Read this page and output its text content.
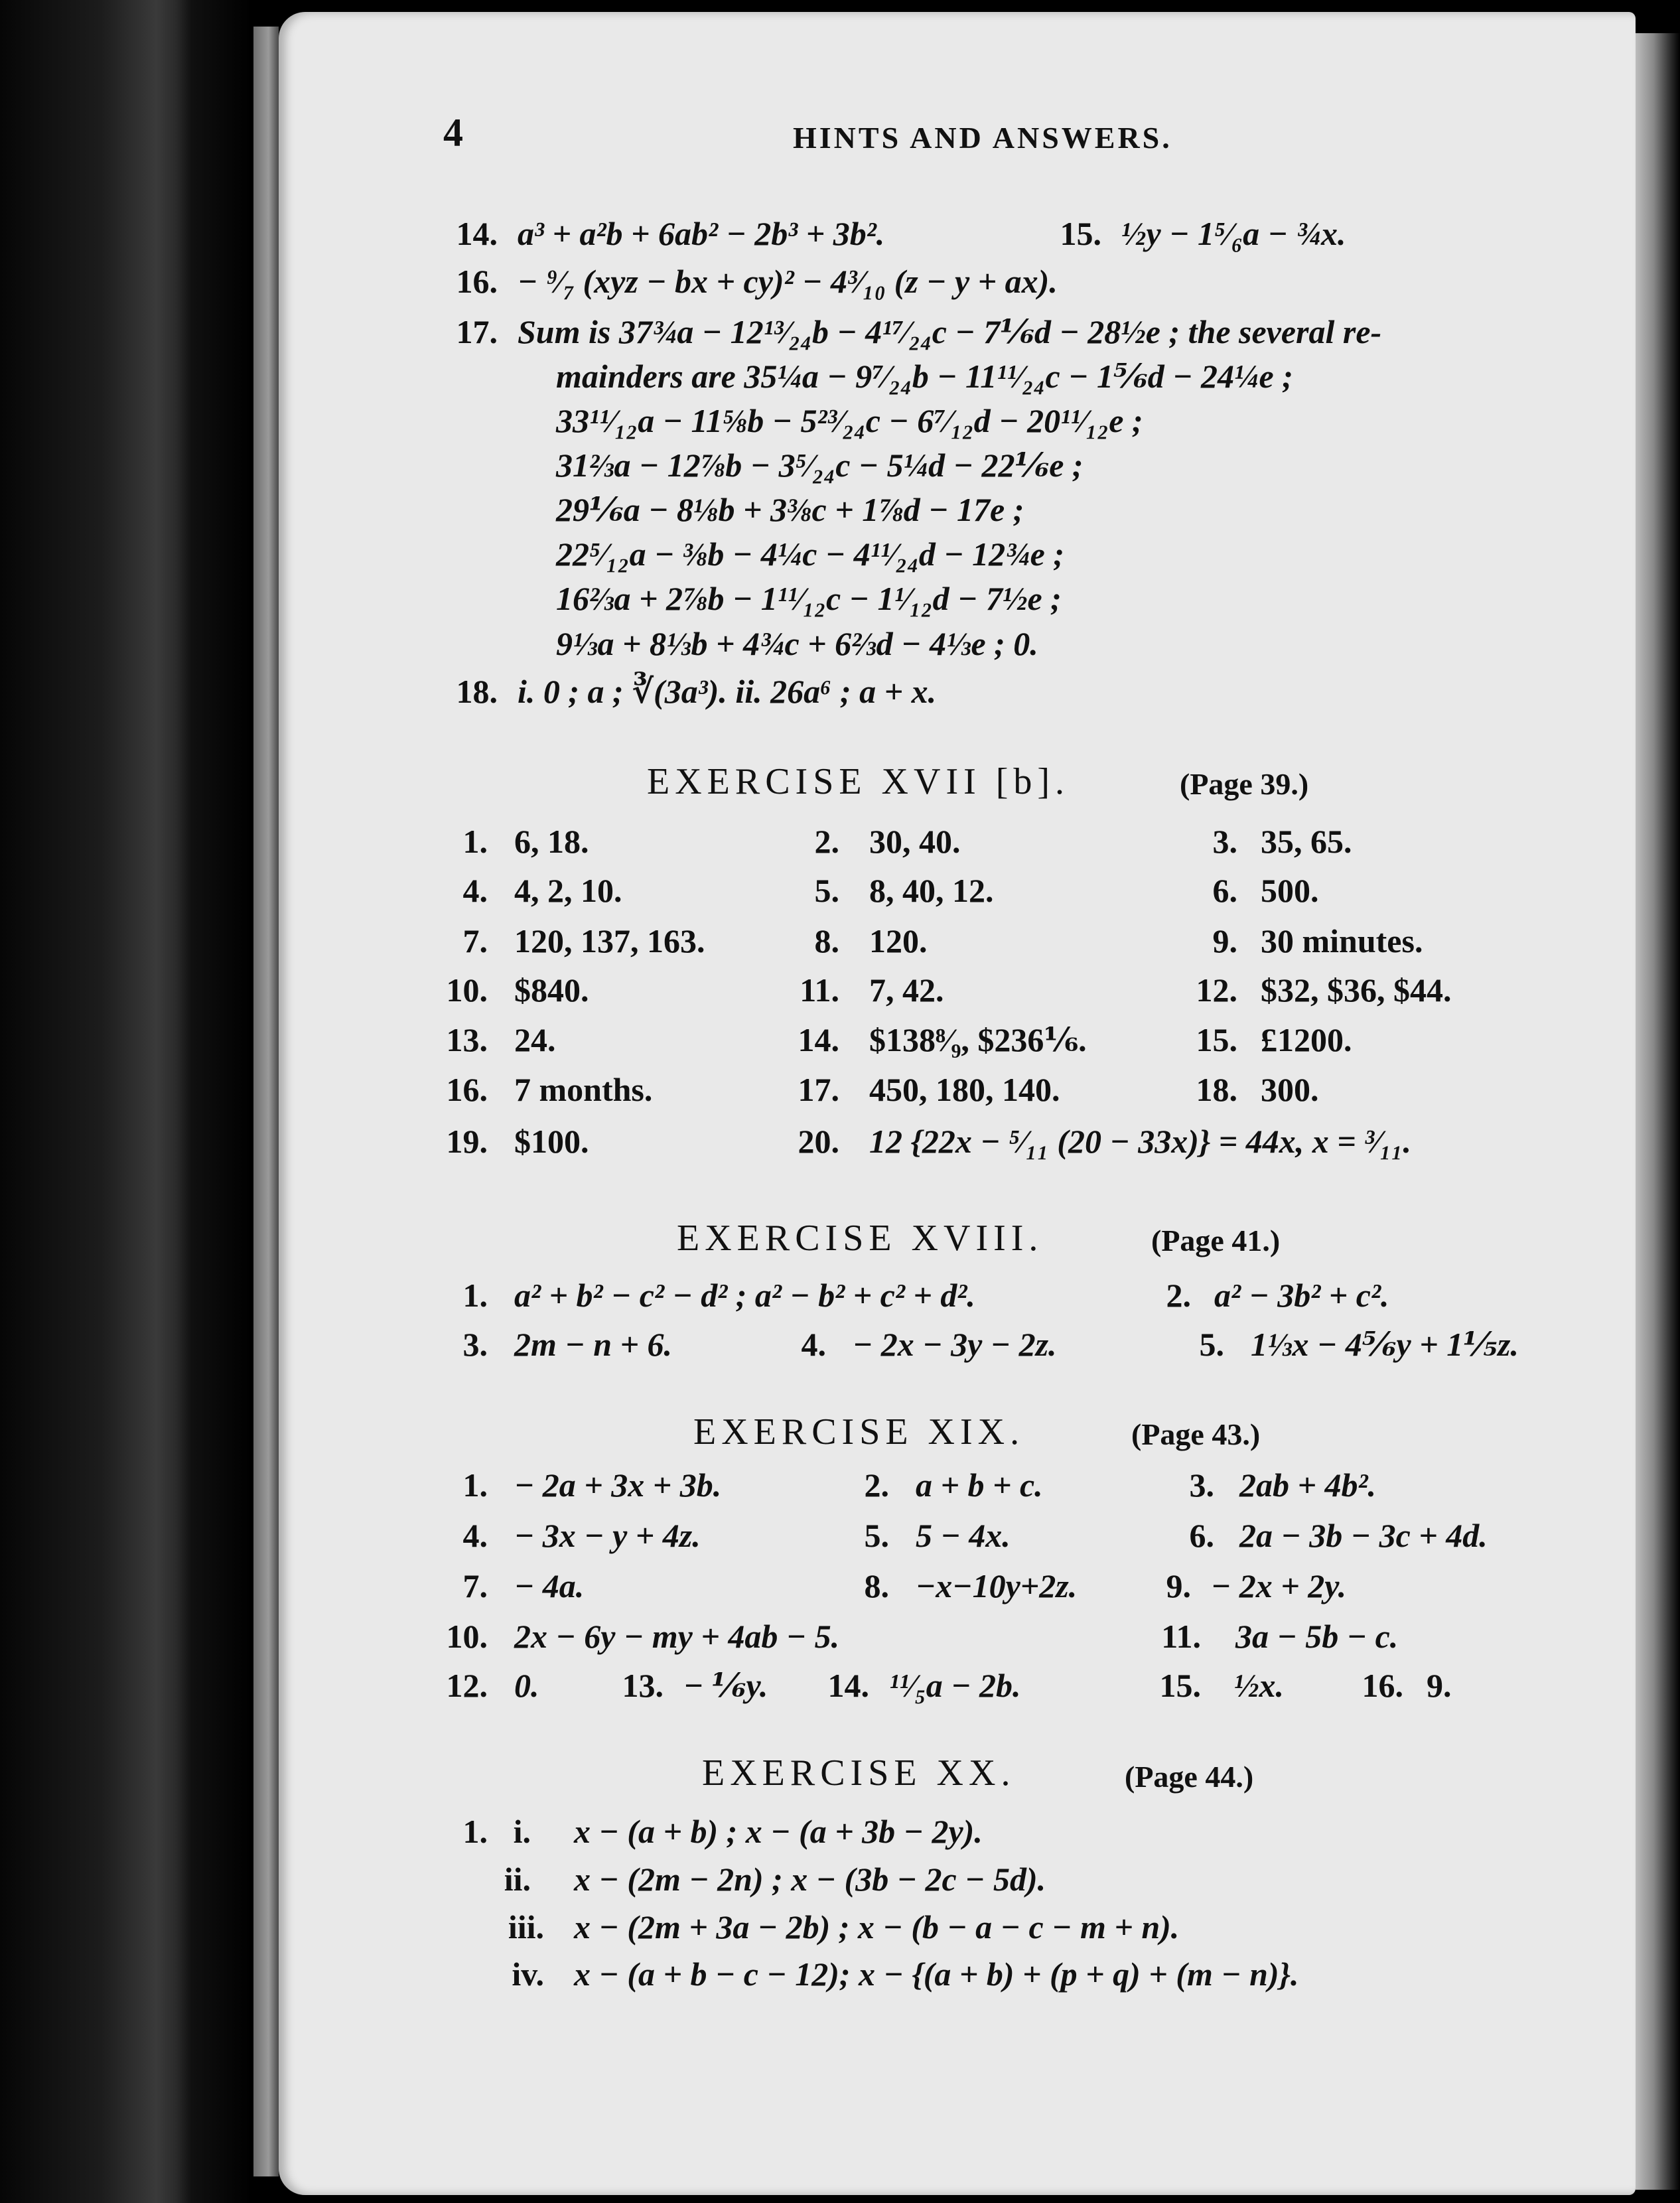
4	HINTS AND ANSWERS.
14. a³ + a²b + 6ab² − 2b³ + 3b².	15. ½y − 1⁵⁄₆a − ¾x.
16. − ⁹⁄₇ (xyz − bx + cy)² − 4³⁄₁₀ (z − y + ax).
17. Sum is 37¾a − 12¹³⁄₂₄b − 4¹⁷⁄₂₄c − 7⅙d − 28½e ; the several re-
mainders are 35¼a − 9⁷⁄₂₄b − 11¹¹⁄₂₄c − 1⅚d − 24¼e ;
33¹¹⁄₁₂a − 11⅝b − 5²³⁄₂₄c − 6⁷⁄₁₂d − 20¹¹⁄₁₂e ;
31⅔a − 12⅞b − 3⁵⁄₂₄c − 5¼d − 22⅙e ;
29⅙a − 8⅛b + 3⅜c + 1⅞d − 17e ;
22⁵⁄₁₂a − ⅜b − 4¼c − 4¹¹⁄₂₄d − 12¾e ;
16⅔a + 2⅞b − 1¹¹⁄₁₂c − 1¹⁄₁₂d − 7½e ;
9⅓a + 8⅓b + 4¾c + 6⅔d − 4⅓e ; 0.
18. i. 0 ; a ; ∛(3a³). ii. 26a⁶ ; a + x.
EXERCISE XVII [b].	(Page 39.)
1. 6, 18.	2. 30, 40.	3. 35, 65.
4. 4, 2, 10.	5. 8, 40, 12.	6. 500.
7. 120, 137, 163.	8. 120.	9. 30 minutes.
10. $840.	11. 7, 42.	12. $32, $36, $44.
13. 24.	14. $138⁸⁄₉, $236⅙.	15. £1200.
16. 7 months.	17. 450, 180, 140.	18. 300.
19. $100.	20. 12 {22x − ⁵⁄₁₁ (20 − 33x)} = 44x, x = ³⁄₁₁.
EXERCISE XVIII.	(Page 41.)
1. a² + b² − c² − d² ; a² − b² + c² + d².	2. a² − 3b² + c².
3. 2m − n + 6.	4. − 2x − 3y − 2z.	5. 1⅓x − 4⅚y + 1⅕z.
EXERCISE XIX.	(Page 43.)
1. − 2a + 3x + 3b.	2. a + b + c.	3. 2ab + 4b².
4. − 3x − y + 4z.	5. 5 − 4x.	6. 2a − 3b − 3c + 4d.
7. − 4a.	8. −x−10y+2z.	9. − 2x + 2y.
10. 2x − 6y − my + 4ab − 5.	11. 3a − 5b − c.
12. 0.	13. − ⅙y.	14. ¹¹⁄₅a − 2b.	15. ½x.	16. 9.
EXERCISE XX.	(Page 44.)
1. i. x − (a + b) ; x − (a + 3b − 2y).
ii. x − (2m − 2n) ; x − (3b − 2c − 5d).
iii. x − (2m + 3a − 2b) ; x − (b − a − c − m + n).
iv. x − (a + b − c − 12); x − {(a + b) + (p + q) + (m − n)}.
